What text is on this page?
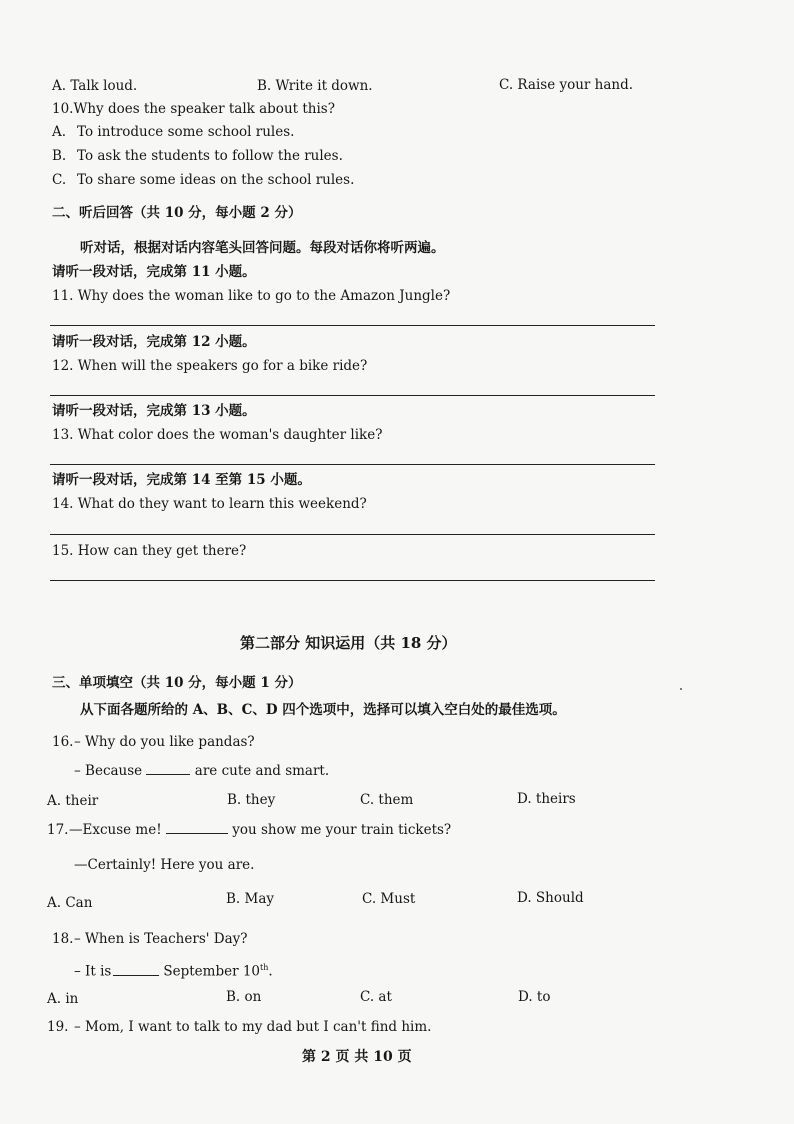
A. Talk loud.	B. Write it down.	C. Raise your hand.
10.Why does the speaker talk about this?
A. To introduce some school rules.
B. To ask the students to follow the rules.
C. To share some ideas on the school rules.
二、听后回答（共 10 分，每小题 2 分）
听对话，根据对话内容笔头回答问题。每段对话你将听两遍。
请听一段对话，完成第 11 小题。
11. Why does the woman like to go to the Amazon Jungle?
请听一段对话，完成第 12 小题。
12. When will the speakers go for a bike ride?
请听一段对话，完成第 13 小题。
13. What color does the woman's daughter like?
请听一段对话，完成第 14 至第 15 小题。
14. What do they want to learn this weekend?
15. How can they get there?
第二部分 知识运用（共 18 分）
三、单项填空（共 10 分，每小题 1 分）
从下面各题所给的 A、B、C、D 四个选项中，选择可以填入空白处的最佳选项。
16.– Why do you like pandas?
– Because	are cute and smart.
A. their	B. they	C. them	D. theirs
17.—Excuse me!	you show me your train tickets?
—Certainly! Here you are.
A. Can	B. May	C. Must	D. Should
18.– When is Teachers' Day?
– It is	September 10th.
A. in	B. on	C. at	D. to
19. – Mom, I want to talk to my dad but I can't find him.
第 2 页 共 10 页
